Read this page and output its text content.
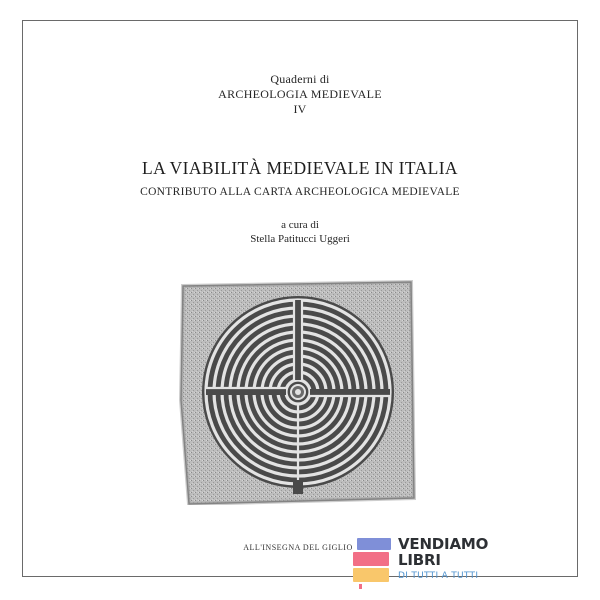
Quaderni di
ARCHEOLOGIA MEDIEVALE
IV
LA VIABILITÀ MEDIEVALE IN ITALIA
CONTRIBUTO ALLA CARTA ARCHEOLOGICA MEDIEVALE
a cura di
Stella Patitucci Uggeri
ALL'INSEGNA DEL GIGLIO	VENDIAMO
LIBRI
DI TUTTI A TUTTI
